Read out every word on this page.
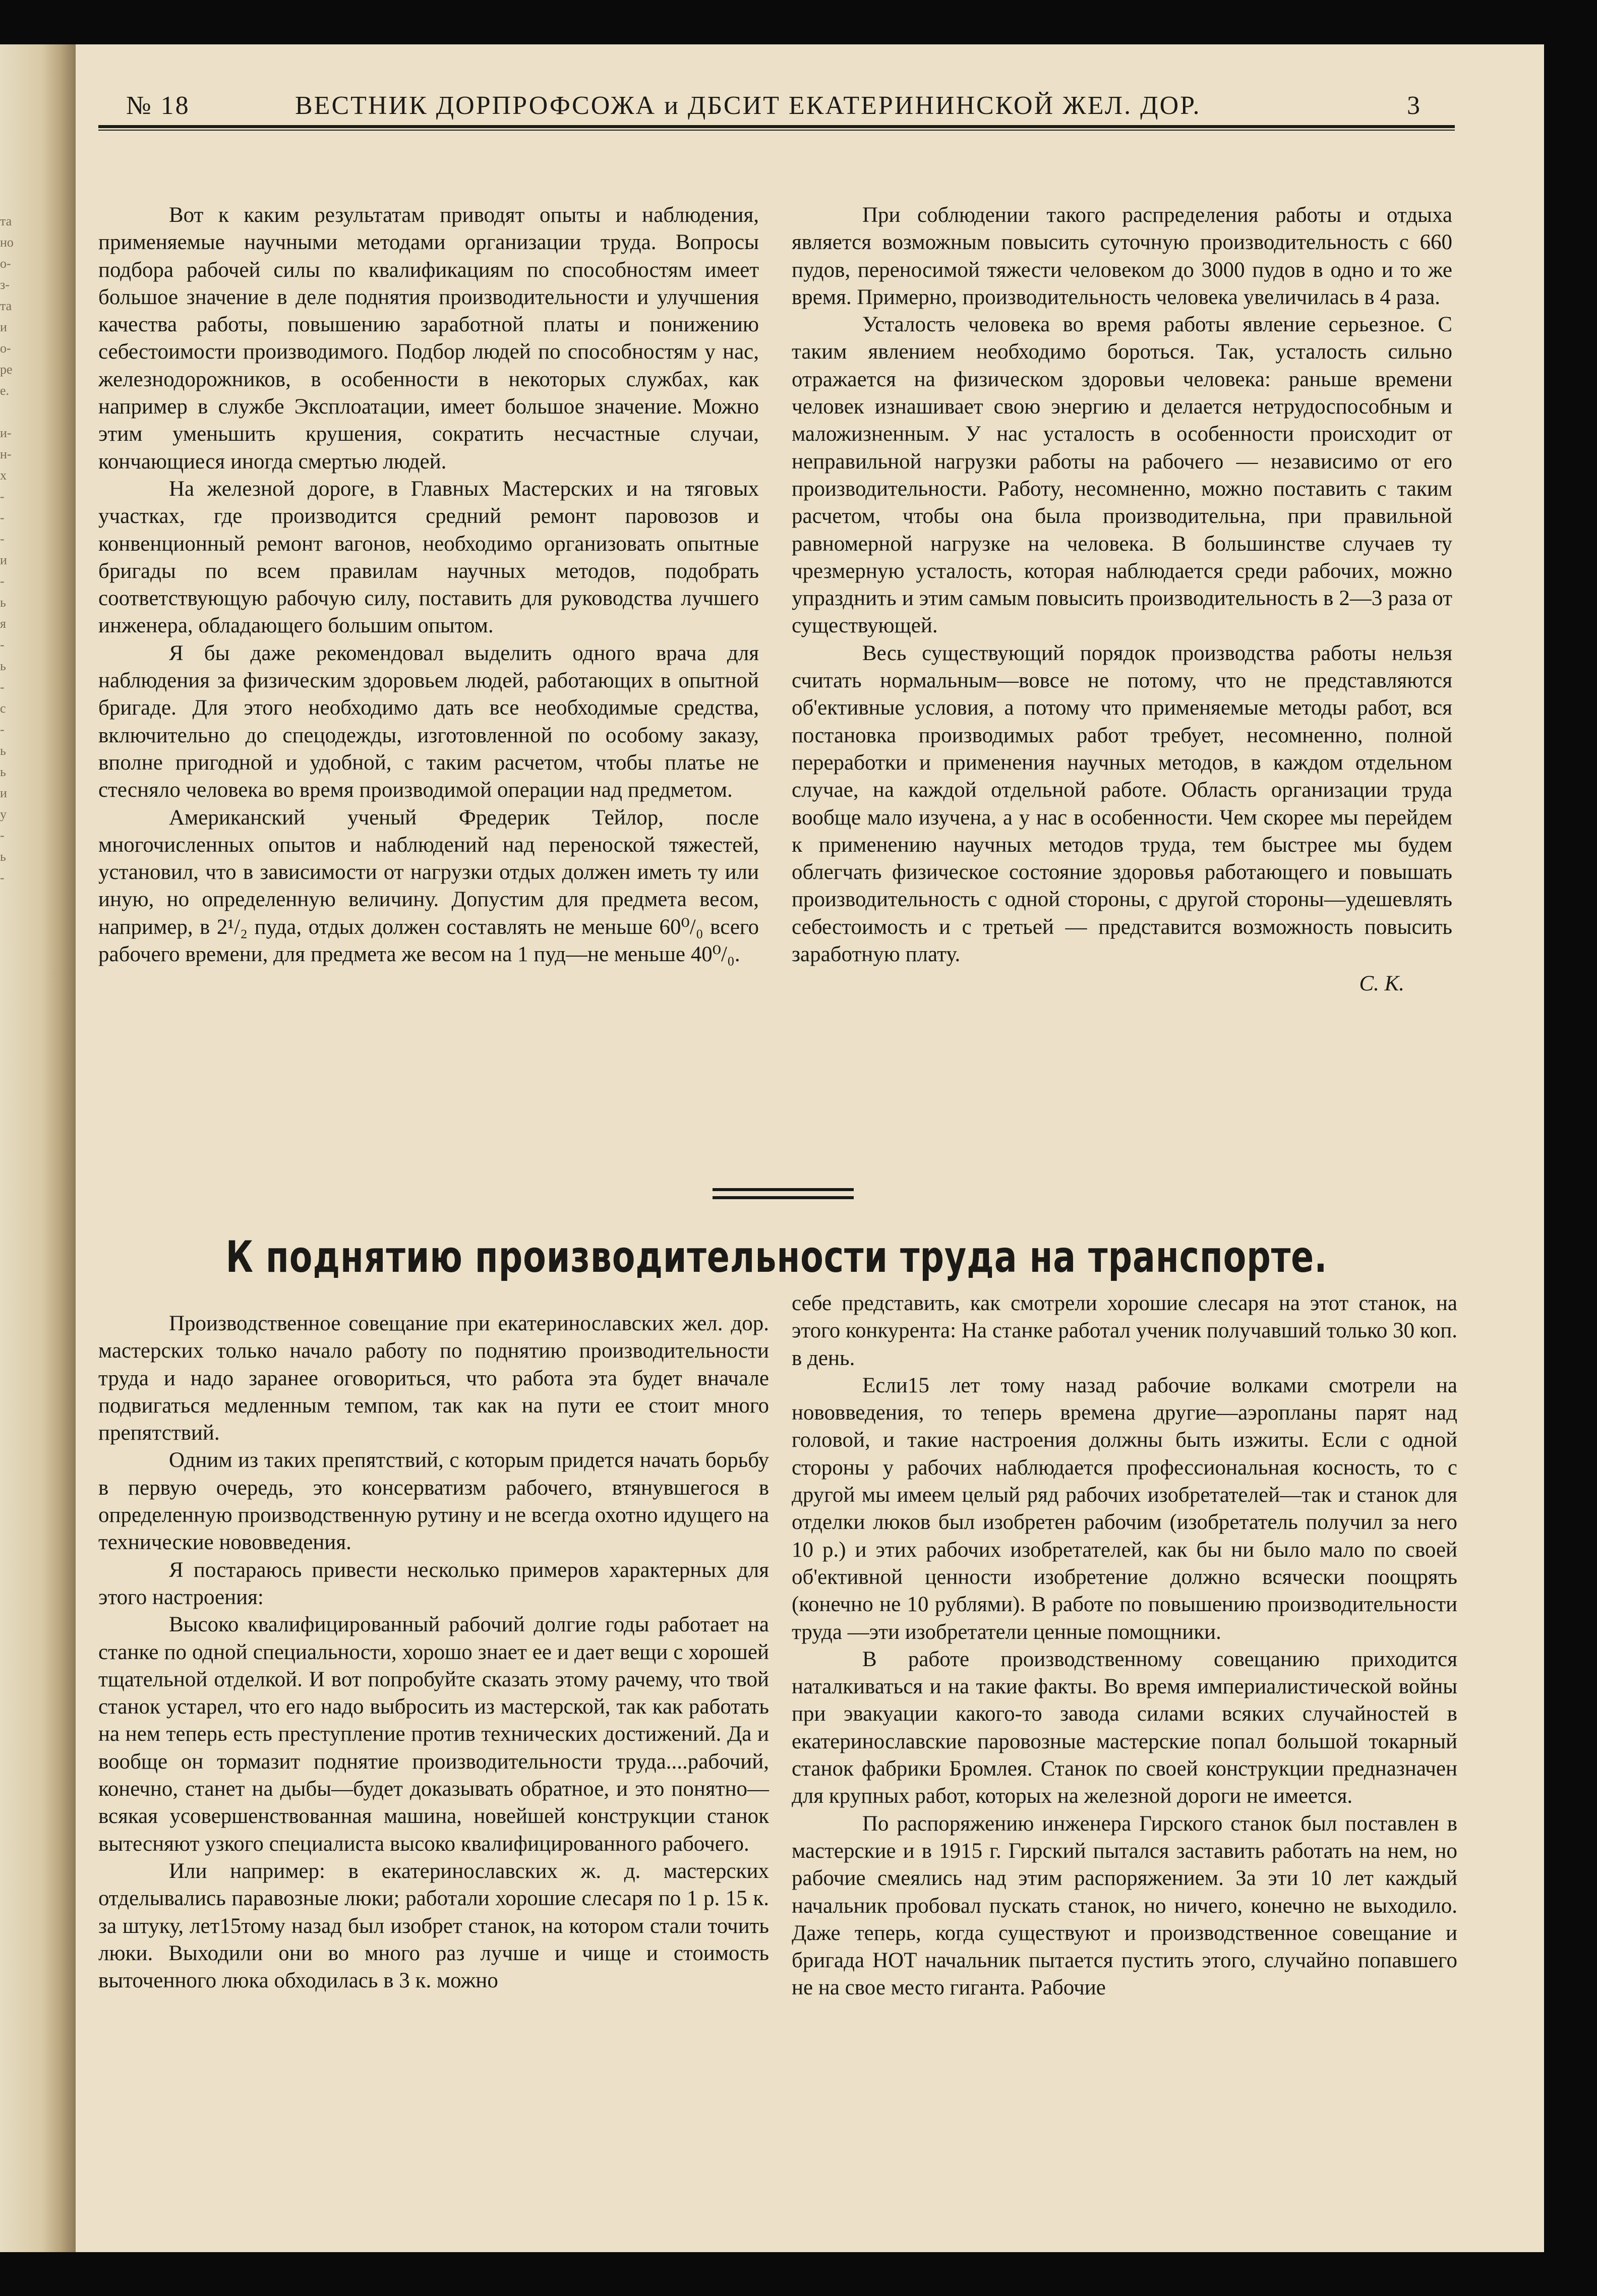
та
но
о-
з-
та
и
о-
ре
е.

и-
н-
х
-
-
-
и
-
ь
я
-
ь
-
с
-
ь
ь
и
у
-
ь
-
№ 18	ВЕСТНИК ДОРПРОФСОЖА и ДБСИТ ЕКАТЕРИНИНСКОЙ ЖЕЛ. ДОР.	3

Вот к каким результатам приводят опыты и наблюдения, применяемые научными методами организации труда. Вопросы подбора рабочей силы по квалификациям по способностям имеет большое значение в деле поднятия производительности и улучшения качества работы, повышению заработной платы и понижению себестоимости производимого. Подбор людей по способностям у нас, железнодорожников, в особенности в некоторых службах, как например в службе Эксплоатации, имеет большое значение. Можно этим уменьшить крушения, сократить несчастные случаи, кончающиеся иногда смертью людей.

На железной дороге, в Главных Мастерских и на тяговых участках, где производится средний ремонт паровозов и конвенционный ремонт вагонов, необходимо организовать опытные бригады по всем правилам научных методов, подобрать соответствующую рабочую силу, поставить для руководства лучшего инженера, обладающего большим опытом.

Я бы даже рекомендовал выделить одного врача для наблюдения за физическим здоровьем людей, работающих в опытной бригаде. Для этого необходимо дать все необходимые средства, включительно до спецодежды, изготовленной по особому заказу, вполне пригодной и удобной, с таким расчетом, чтобы платье не стесняло человека во время производимой операции над предметом.

Американский ученый Фредерик Тейлор, после многочисленных опытов и наблюдений над переноской тяжестей, установил, что в зависимости от нагрузки отдых должен иметь ту или иную, но определенную величину. Допустим для предмета весом, например, в 2¹/₂ пуда, отдых должен составлять не меньше 60⁰/₀ всего рабочего времени, для предмета же весом на 1 пуд—не меньше 40⁰/₀.

При соблюдении такого распределения работы и отдыха является возможным повысить суточную производительность с 660 пудов, переносимой тяжести человеком до 3000 пудов в одно и то же время. Примерно, производительность человека увеличилась в 4 раза.

Усталость человека во время работы явление серьезное. С таким явлением необходимо бороться. Так, усталость сильно отражается на физическом здоровьи человека: раньше времени человек изнашивает свою энергию и делается нетрудоспособным и маложизненным. У нас усталость в особенности происходит от неправильной нагрузки работы на рабочего — независимо от его производительности. Работу, несомненно, можно поставить с таким расчетом, чтобы она была производительна, при правильной равномерной нагрузке на человека. В большинстве случаев ту чрезмерную усталость, которая наблюдается среди рабочих, можно упразднить и этим самым повысить производительность в 2—3 раза от существующей.

Весь существующий порядок производства работы нельзя считать нормальным—вовсе не потому, что не представляются об'ективные условия, а потому что применяемые методы работ, вся постановка производимых работ требует, несомненно, полной переработки и применения научных методов, в каждом отдельном случае, на каждой отдельной работе. Область организации труда вообще мало изучена, а у нас в особенности. Чем скорее мы перейдем к применению научных методов труда, тем быстрее мы будем облегчать физическое состояние здоровья работающего и повышать производительность с одной стороны, с другой стороны—удешевлять себестоимость и с третьей — представится возможность повысить заработную плату.

С. К.
К поднятию производительности труда на транспорте.

Производственное совещание при екатеринославских жел. дор. мастерских только начало работу по поднятию производительности труда и надо заранее оговориться, что работа эта будет вначале подвигаться медленным темпом, так как на пути ее стоит много препятствий.

Одним из таких препятствий, с которым придется начать борьбу в первую очередь, это консерватизм рабочего, втянувшегося в определенную производственную рутину и не всегда охотно идущего на технические нововведения.

Я постараюсь привести несколько примеров характерных для этого настроения:

Высоко квалифицированный рабочий долгие годы работает на станке по одной специальности, хорошо знает ее и дает вещи с хорошей тщательной отделкой. И вот попробуйте сказать этому рачему, что твой станок устарел, что его надо выбросить из мастерской, так как работать на нем теперь есть преступление против технических достижений. Да и вообще он тормазит поднятие производительности труда....рабочий, конечно, станет на дыбы—будет доказывать обратное, и это понятно—всякая усовершенствованная машина, новейшей конструкции станок вытесняют узкого специалиста высоко квалифицированного рабочего.

Или например: в екатеринославских ж. д. мастерских отделывались паравозные люки; работали хорошие слесаря по 1 р. 15 к. за штуку, лет15тому назад был изобрет станок, на котором стали точить люки. Выходили они во много раз лучше и чище и стоимость выточенного люка обходилась в 3 к. можно

себе представить, как смотрели хорошие слесаря на этот станок, на этого конкурента: На станке работал ученик получавший только 30 коп. в день.

Если15 лет тому назад рабочие волками смотрели на нововведения, то теперь времена другие—аэропланы парят над головой, и такие настроения должны быть изжиты. Если с одной стороны у рабочих наблюдается профессиональная косность, то с другой мы имеем целый ряд рабочих изобретателей—так и станок для отделки люков был изобретен рабочим (изобретатель получил за него 10 р.) и этих рабочих изобретателей, как бы ни было мало по своей об'ективной ценности изобретение должно всячески поощрять (конечно не 10 рублями). В работе по повышению производительности труда —эти изобретатели ценные помощники.

В работе производственному совещанию приходится наталкиваться и на такие факты. Во время империалистической войны при эвакуации какого-то завода силами всяких случайностей в екатеринославские паровозные мастерские попал большой токарный станок фабрики Бромлея. Станок по своей конструкции предназначен для крупных работ, которых на железной дороги не имеется.

По распоряжению инженера Гирского станок был поставлен в мастерские и в 1915 г. Гирский пытался заставить работать на нем, но рабочие смеялись над этим распоряжением. За эти 10 лет каждый начальник пробовал пускать станок, но ничего, конечно не выходило. Даже теперь, когда существуют и производственное совещание и бригада НОТ начальник пытается пустить этого, случайно попавшего не на свое место гиганта. Рабочие
